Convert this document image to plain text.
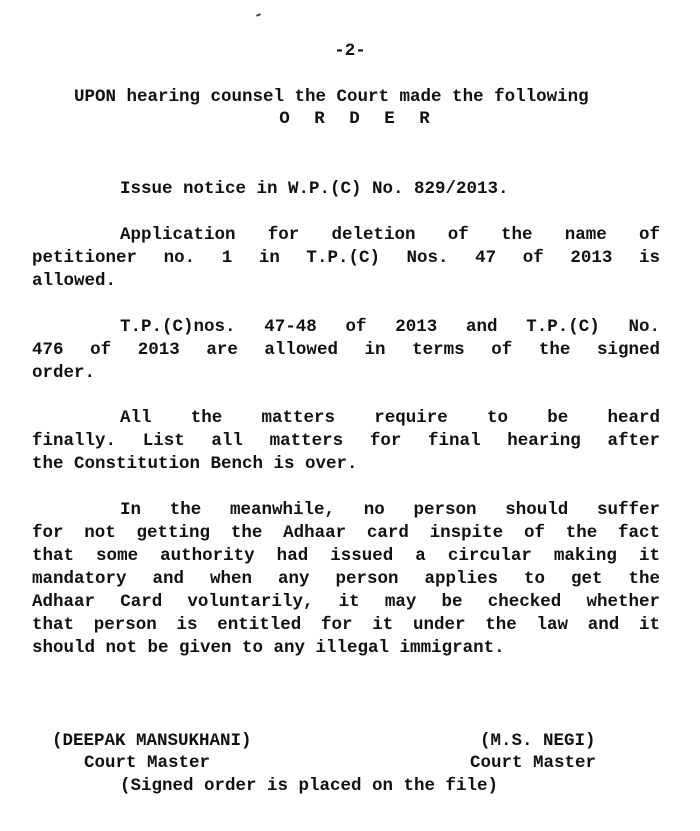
-2-
UPON hearing counsel the Court made the following
O R D E R
Issue notice in W.P.(C) No. 829/2013.
Application for deletion of the name of
petitioner no. 1 in T.P.(C) Nos. 47 of 2013 is
allowed.
T.P.(C)nos. 47-48 of 2013 and T.P.(C) No.
476 of 2013 are allowed in terms of the signed
order.
All the matters require to be heard
finally. List all matters for final hearing after
the Constitution Bench is over.
In the meanwhile, no person should suffer
for not getting the Adhaar card inspite of the fact
that some authority had issued a circular making it
mandatory and when any person applies to get the
Adhaar Card voluntarily, it may be checked whether
that person is entitled for it under the law and it
should not be given to any illegal immigrant.
(DEEPAK MANSUKHANI)
Court Master
(M.S. NEGI)
Court Master
(Signed order is placed on the file)
